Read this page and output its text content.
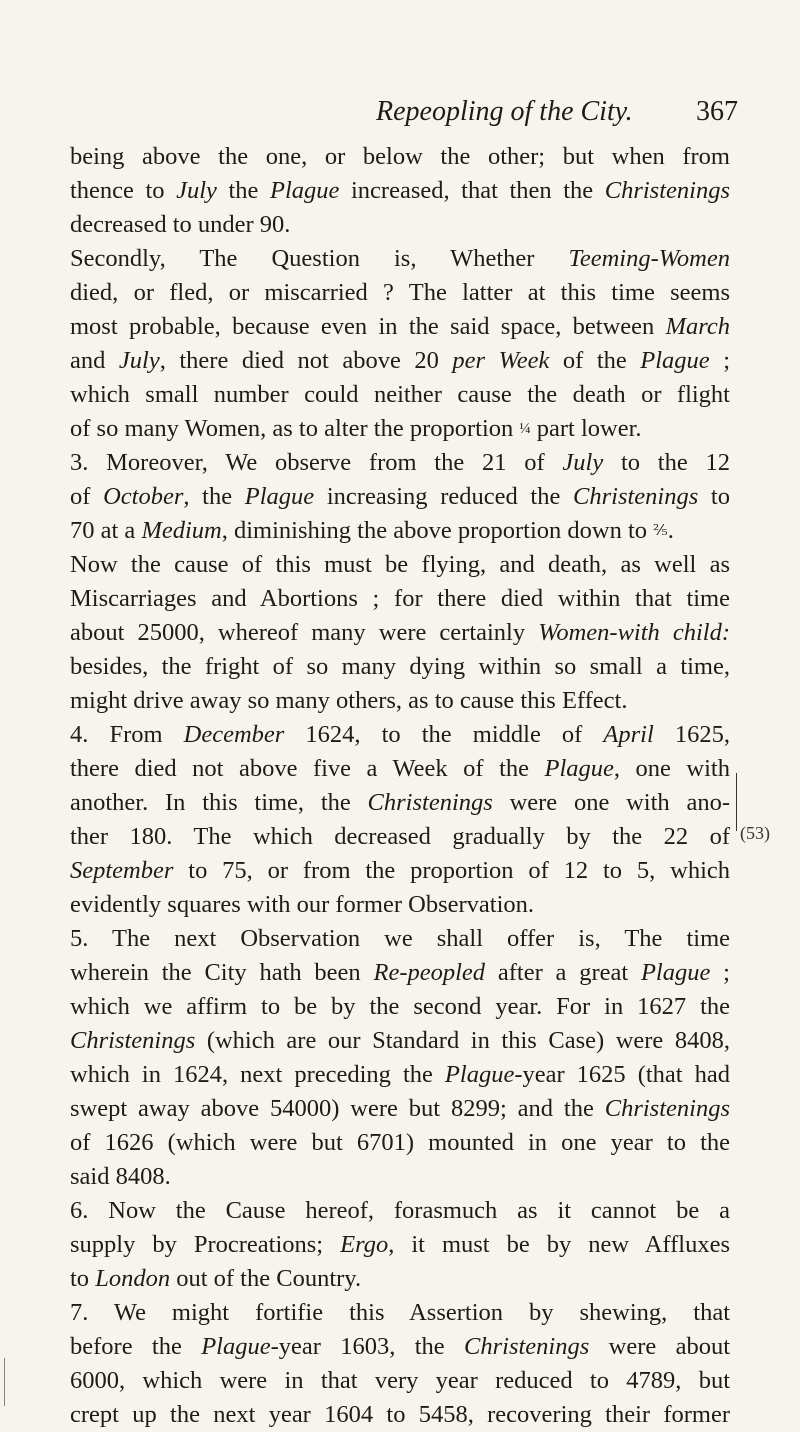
Repeopling of the City. 367
being above the one, or below the other; but when from
thence to July the Plague increased, that then the Christenings
decreased to under 90.
Secondly, The Question is, Whether Teeming-Women
died, or fled, or miscarried ? The latter at this time seems
most probable, because even in the said space, between March
and July, there died not above 20 per Week of the Plague ;
which small number could neither cause the death or flight
of so many Women, as to alter the proportion ¼ part lower.
3. Moreover, We observe from the 21 of July to the 12
of October, the Plague increasing reduced the Christenings to
70 at a Medium, diminishing the above proportion down to ⅖.
Now the cause of this must be flying, and death, as well as
Miscarriages and Abortions ; for there died within that time
about 25000, whereof many were certainly Women-with child:
besides, the fright of so many dying within so small a time,
might drive away so many others, as to cause this Effect.
4. From December 1624, to the middle of April 1625,
there died not above five a Week of the Plague, one with
another. In this time, the Christenings were one with ano-
ther 180. The which decreased gradually by the 22 of
September to 75, or from the proportion of 12 to 5, which
evidently squares with our former Observation.
5. The next Observation we shall offer is, The time
wherein the City hath been Re-peopled after a great Plague ;
which we affirm to be by the second year. For in 1627 the
Christenings (which are our Standard in this Case) were 8408,
which in 1624, next preceding the Plague-year 1625 (that had
swept away above 54000) were but 8299; and the Christenings
of 1626 (which were but 6701) mounted in one year to the
said 8408.
6. Now the Cause hereof, forasmuch as it cannot be a
supply by Procreations; Ergo, it must be by new Affluxes
to London out of the Country.
7. We might fortifie this Assertion by shewing, that
before the Plague-year 1603, the Christenings were about
6000, which were in that very year reduced to 4789, but
crept up the next year 1604 to 5458, recovering their former
(53)
